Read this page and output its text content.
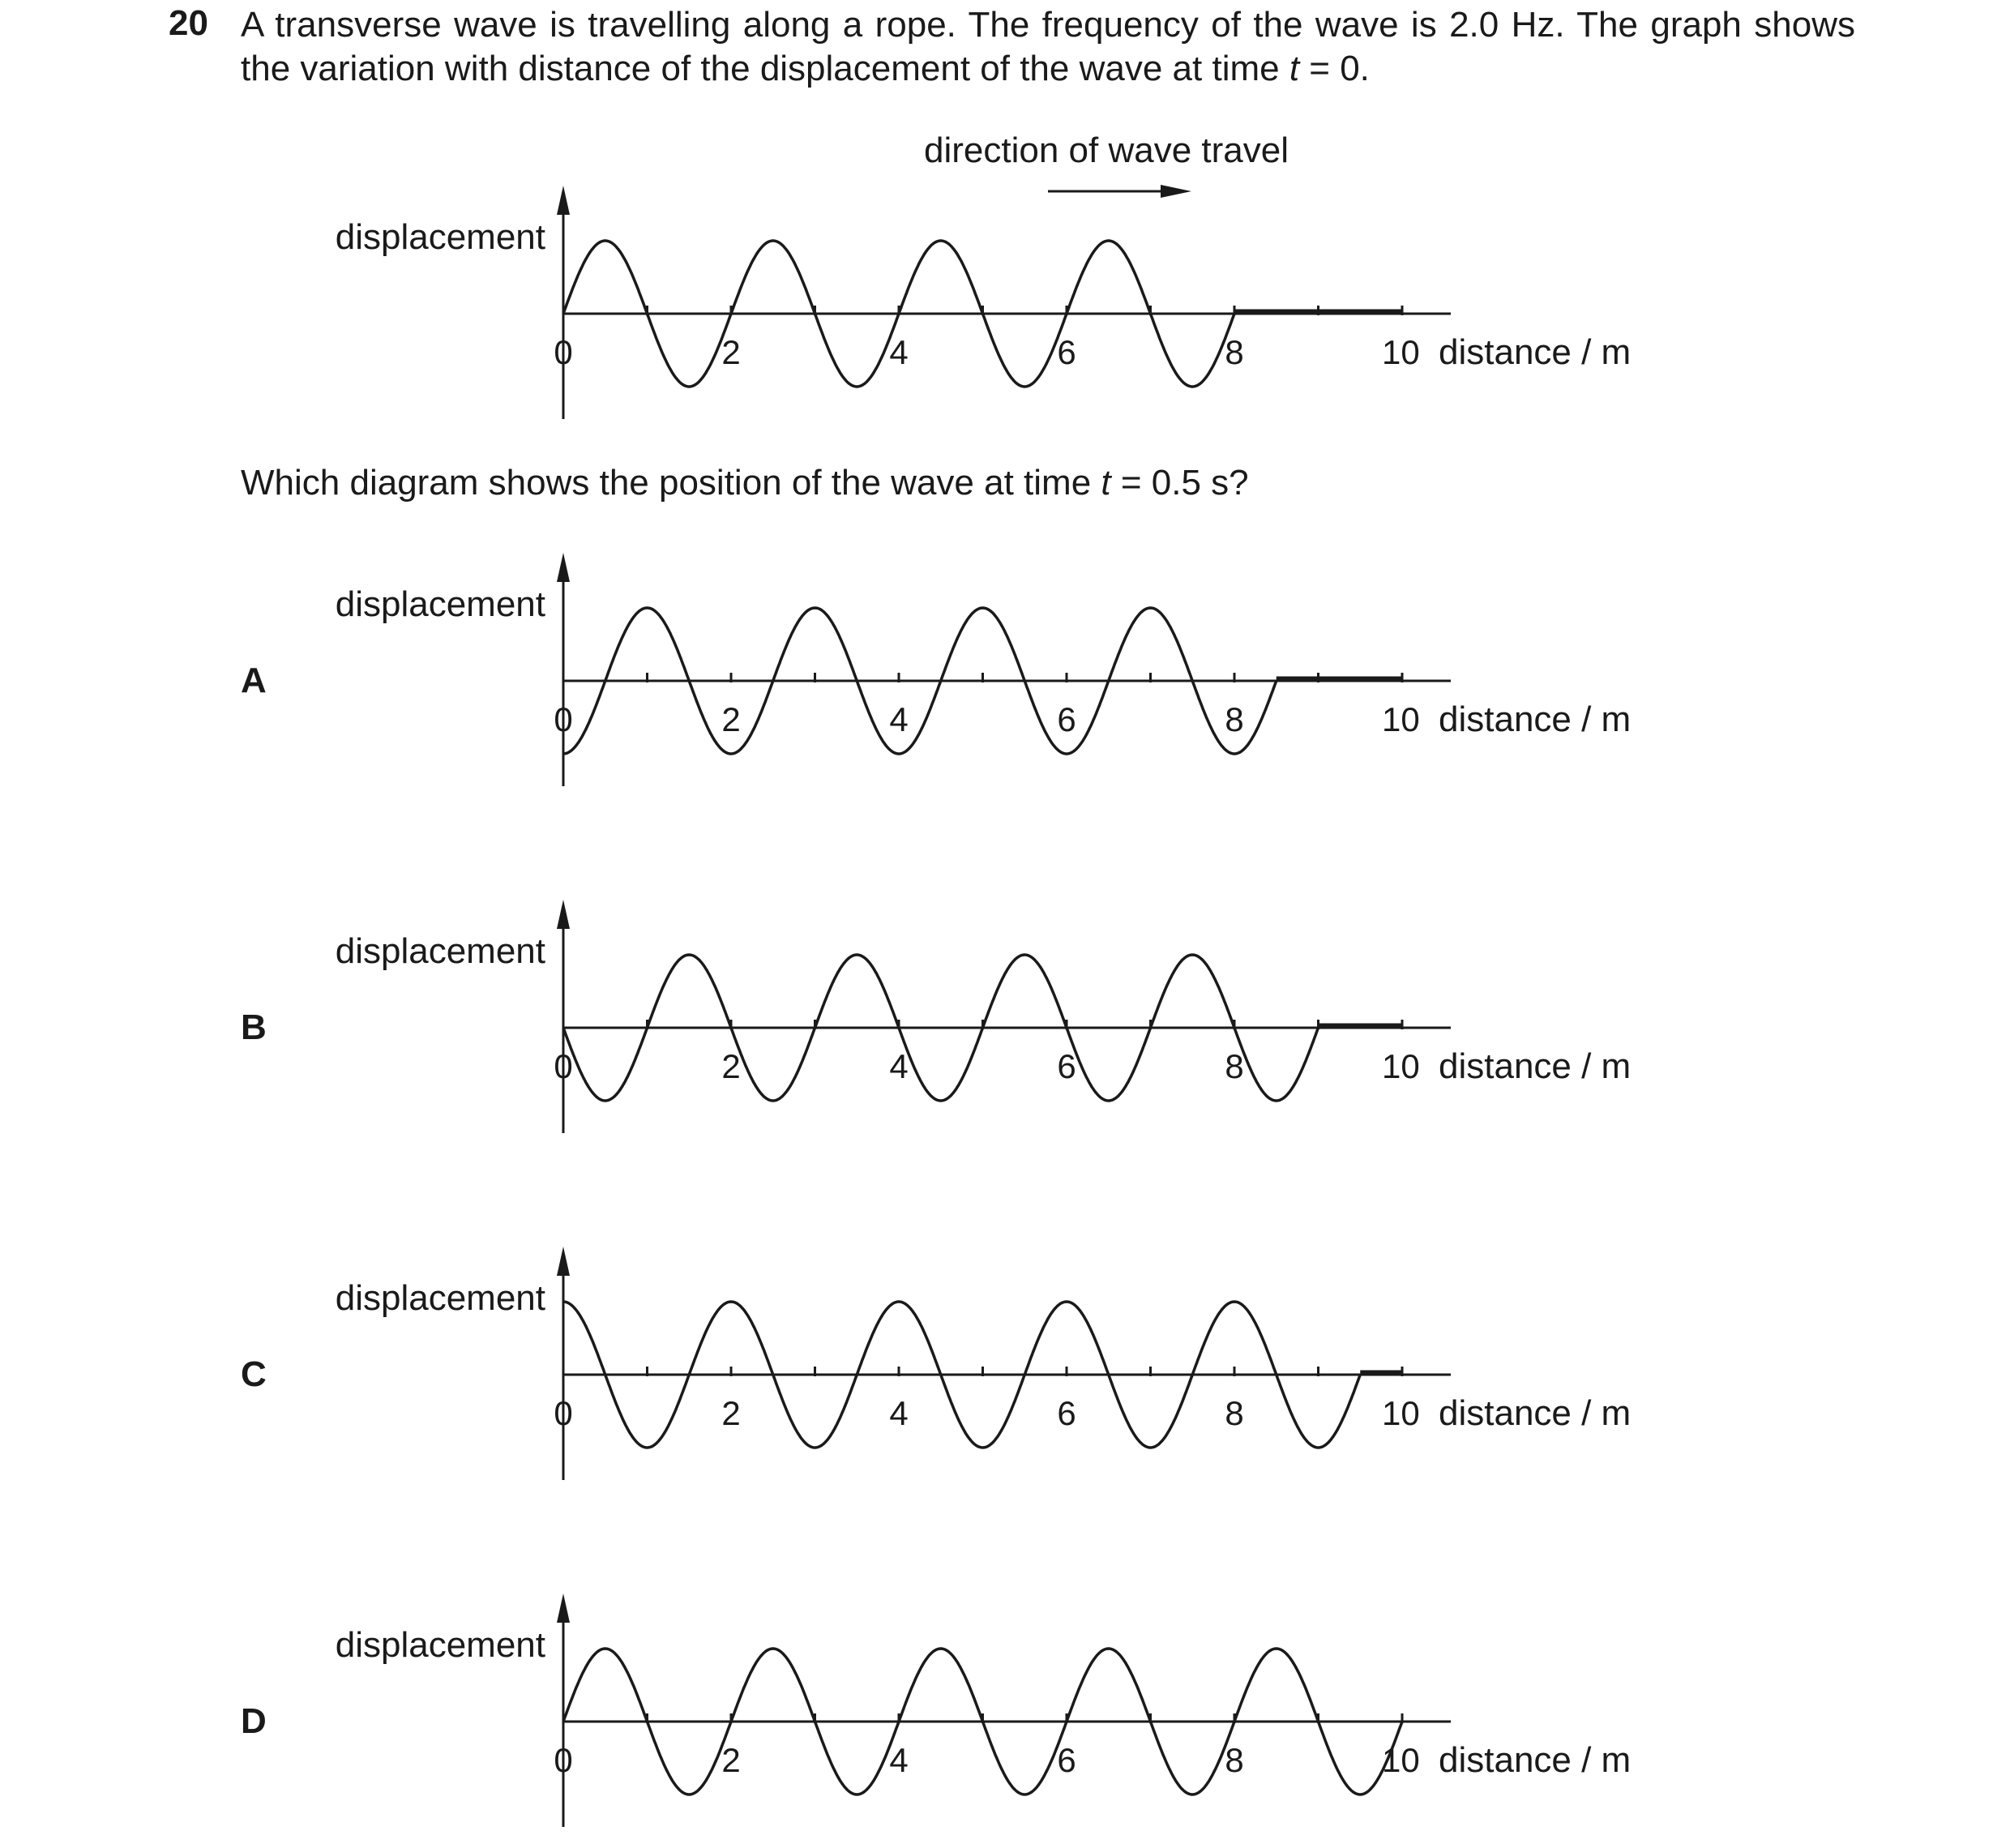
20 A transverse wave is travelling along a rope. The frequency of the wave is 2.0 Hz. The graph shows the variation with distance of the displacement of the wave at time t = 0.
Which diagram shows the position of the wave at time t = 0.5 s?
A
B
C
D
0	2	4	6	8	10
displacement
distance / m
direction of wave travel
0	2	4	6	8	10
displacement
distance / m
0	2	4	6	8	10
displacement
distance / m
0	2	4	6	8	10
displacement
distance / m
0	2	4	6	8	10
displacement
distance / m
